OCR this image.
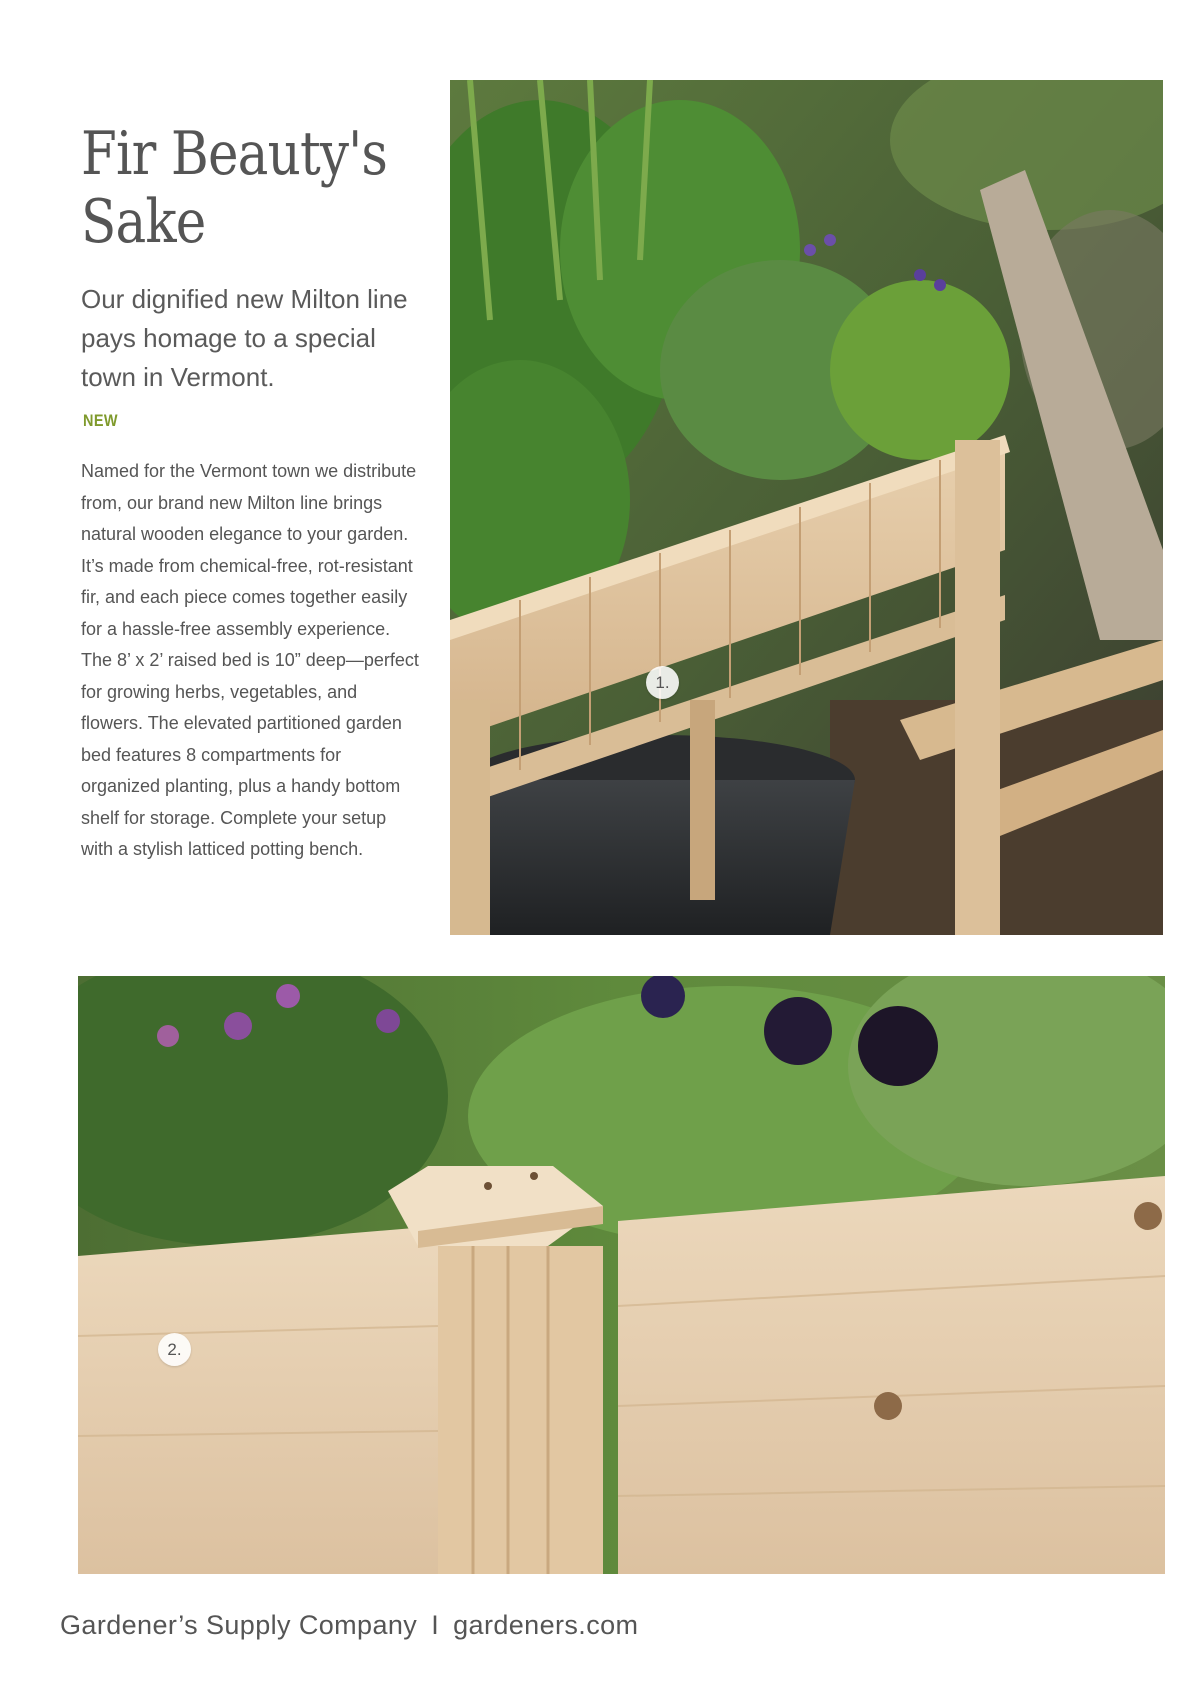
Fir Beauty's
Sake
Our dignified new Milton line pays homage to a special town in Vermont.
NEW

Named for the Vermont town we distribute from, our brand new Milton line brings natural wooden elegance to your garden. It’s made from chemical-free, rot-resistant fir, and each piece comes together easily for a hassle-free assembly experience. The 8’ x 2’ raised bed is 10” deep—perfect for growing herbs, vegetables, and flowers. The elevated partitioned garden bed features 8 compartments for organized planting, plus a handy bottom shelf for storage. Complete your setup with a stylish latticed potting bench.

1.
2.
Gardener’s Supply Company I gardeners.com
